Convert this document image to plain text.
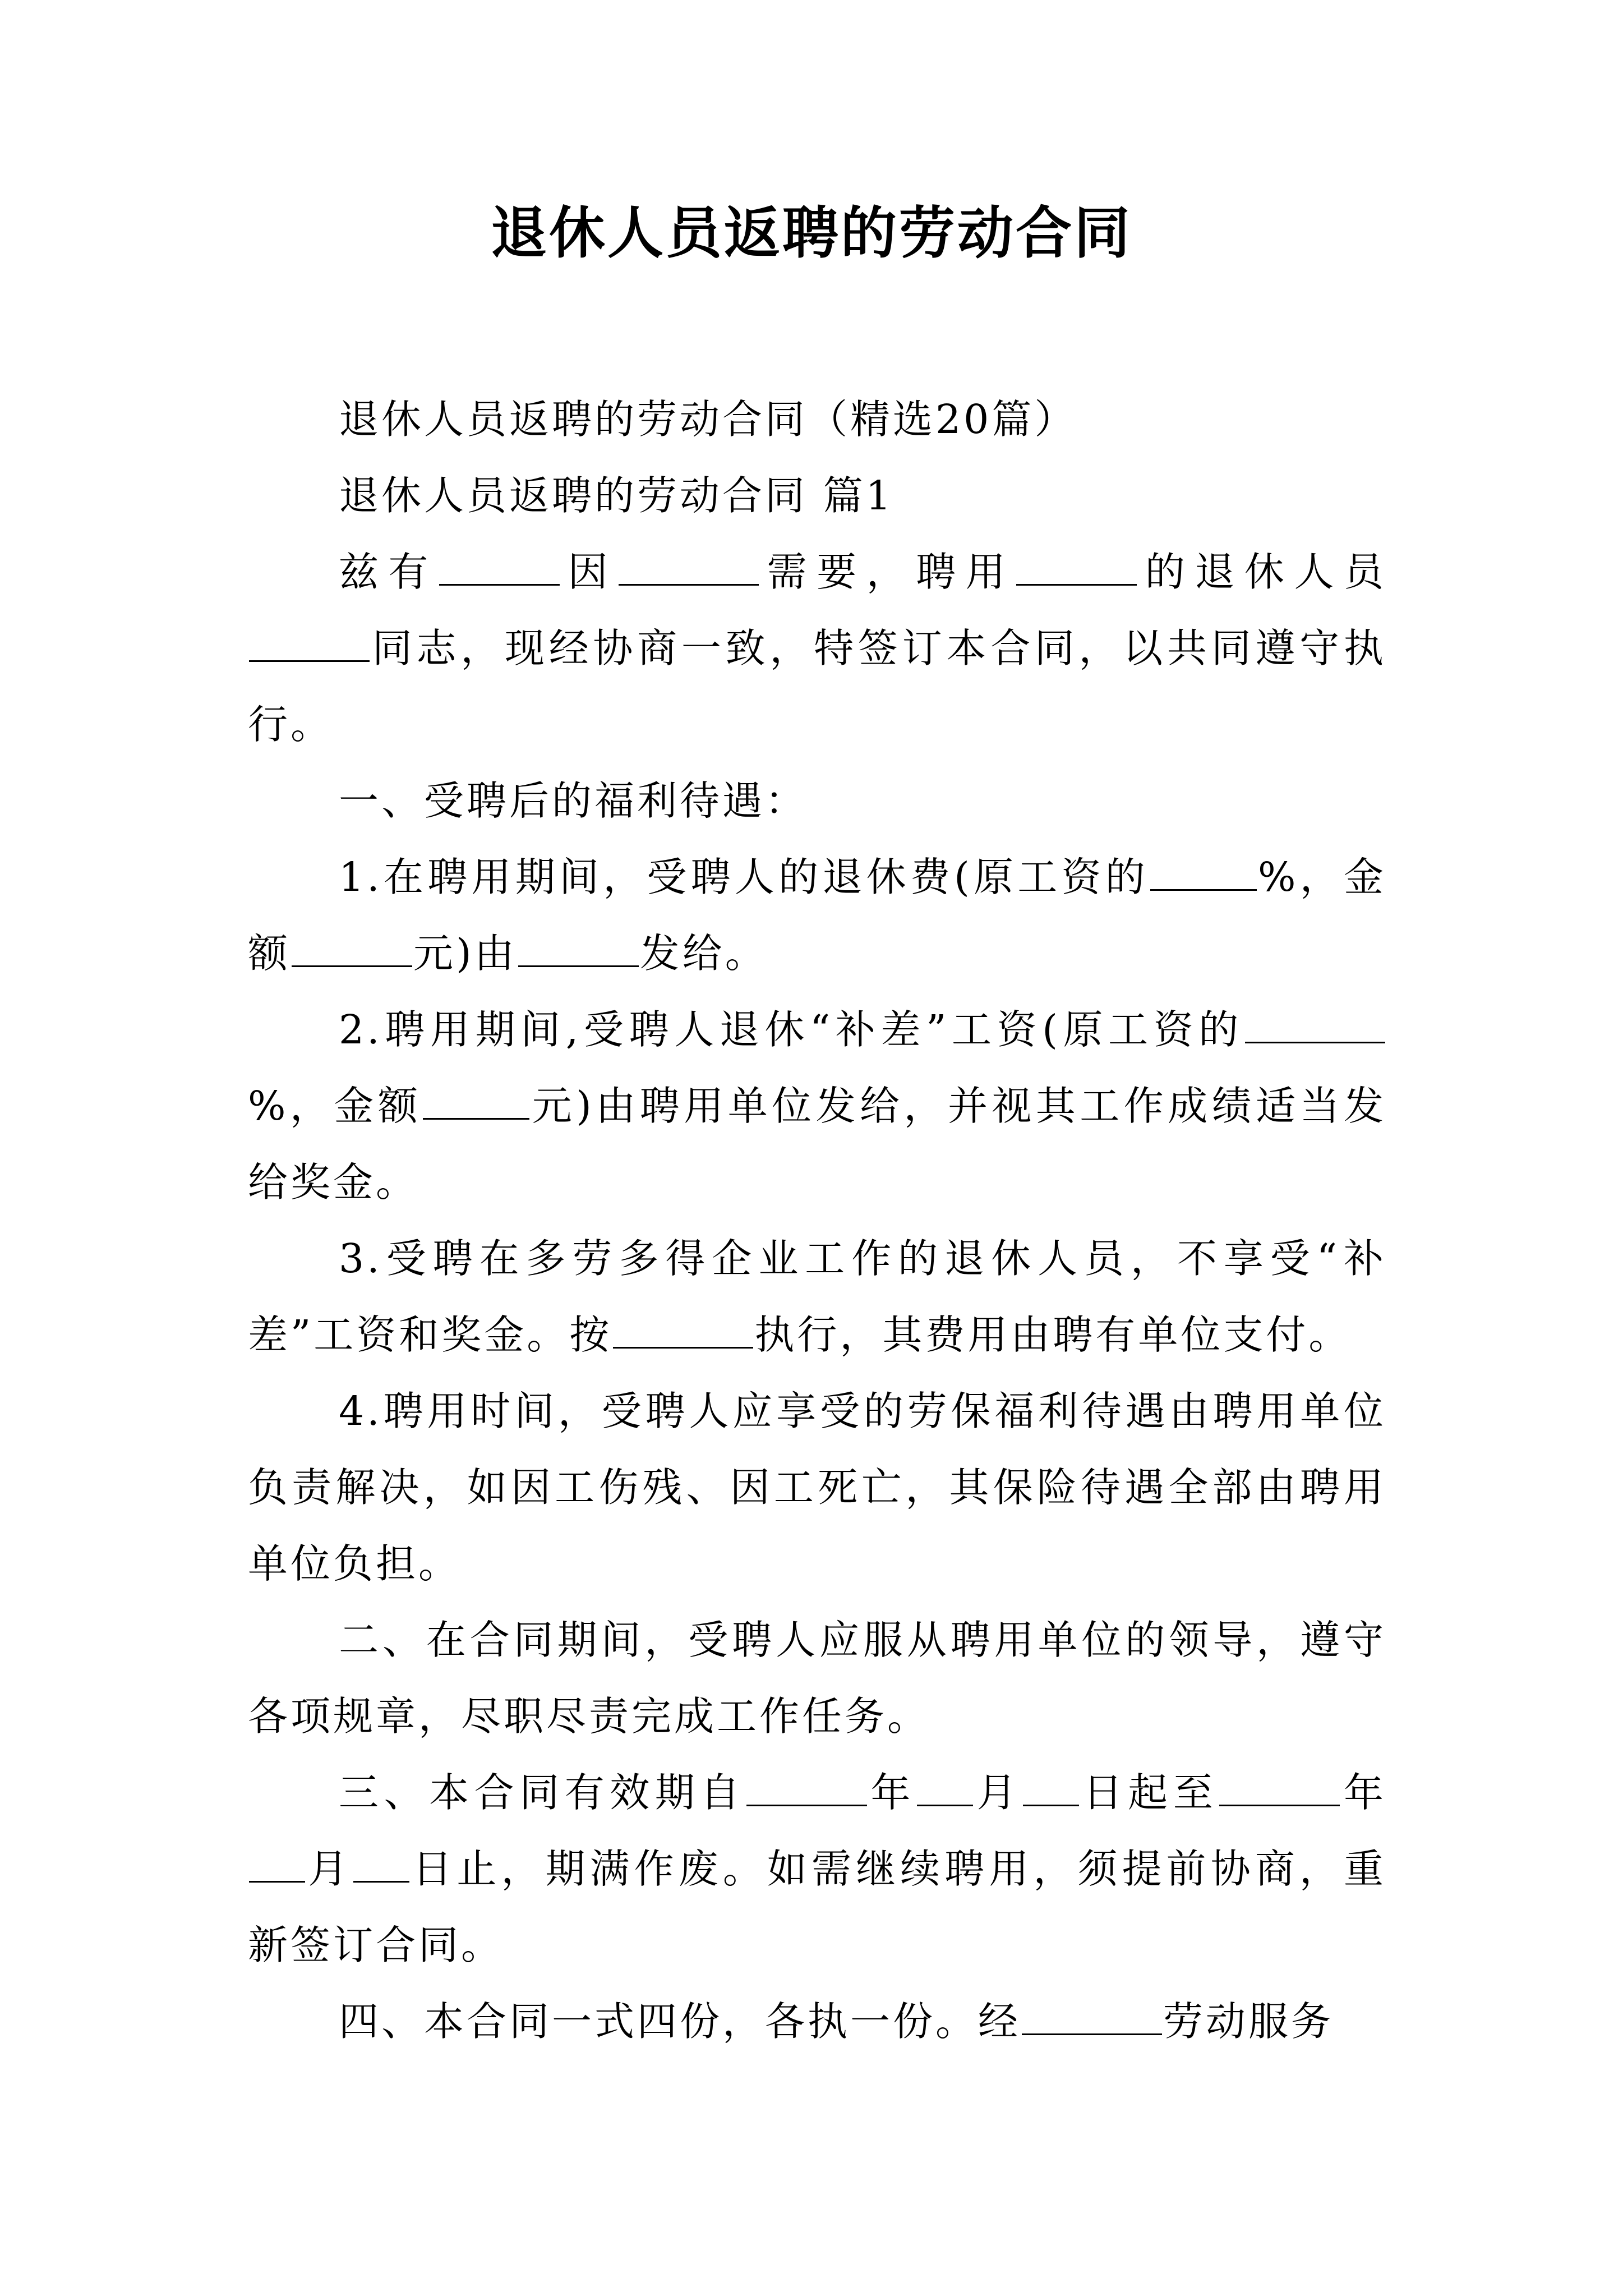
退休人员返聘的劳动合同

退休人员返聘的劳动合同（精选20篇）

退休人员返聘的劳动合同 篇1

兹有	因	需要，聘用	的退休人员同志，现经协商一致，特签订本合同，以共同遵守执行。

一、受聘后的福利待遇：

1.在聘用期间，受聘人的退休费(原工资的	%，金额	元)由	发给。

2.聘用期间,受聘人退休“补差”工资(原工资的%，金额	元)由聘用单位发给，并视其工作成绩适当发给奖金。

3.受聘在多劳多得企业工作的退休人员，不享受“补差”工资和奖金。按	执行，其费用由聘有单位支付。

4.聘用时间，受聘人应享受的劳保福利待遇由聘用单位负责解决，如因工伤残、因工死亡，其保险待遇全部由聘用单位负担。

二、在合同期间，受聘人应服从聘用单位的领导，遵守各项规章，尽职尽责完成工作任务。

三、本合同有效期自	年 月 日起至	年月 日止，期满作废。如需继续聘用，须提前协商，重新签订合同。

四、本合同一式四份，各执一份。经	劳动服务
